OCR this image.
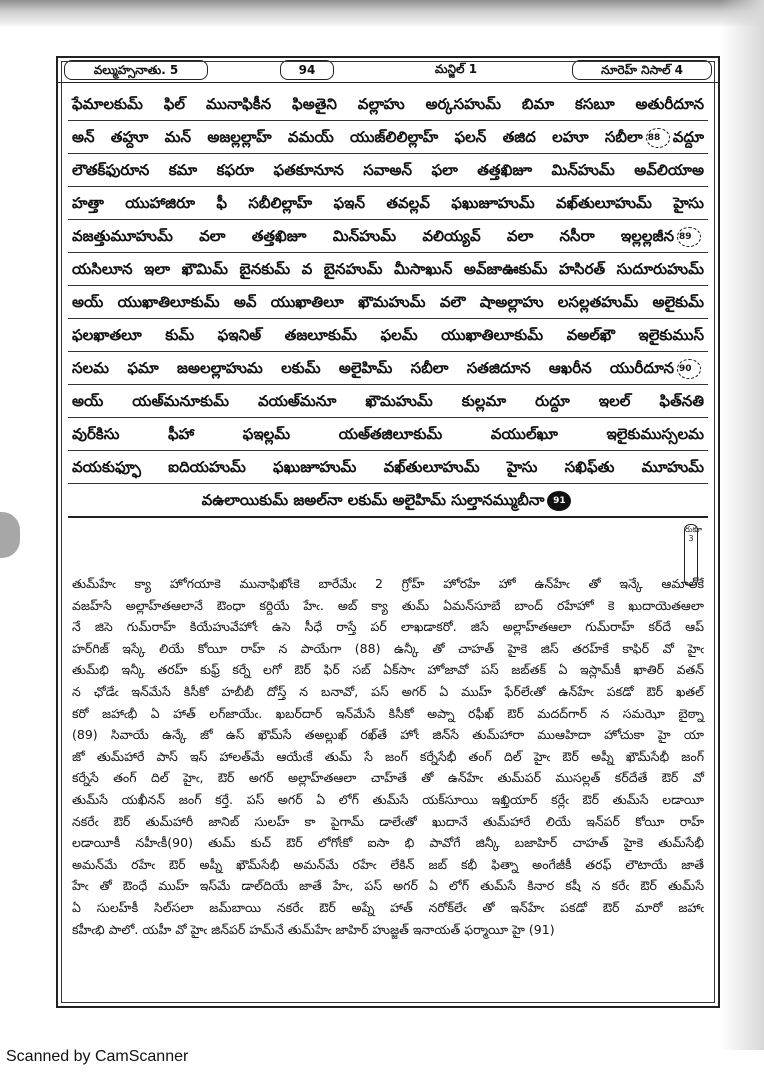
వల్ముహ్సనాతు. 5	94	మన్జిల్ 1	నూరెహ్ నిసాల్ 4
ఫేమాలకుమ్ ఫిల్ మునాఫికీన ఫిఅతైని వల్లాహు అర్కసహుమ్ బిమా కసబూ అతురీదూన
అన్ తహ్దూ మన్ అజల్లల్లాహ్ వమయ్‌‌ యుజ్‌లిలిల్లాహ్ ఫలన్ తజిద లహూ సబీలా 88 వద్దూ
లౌతక్‌ఫురూన కమా కఫరూ ఫతకూనూన సవాఅన్ ఫలా తత్తఖిజూ మిన్‌హుమ్ అవ్‌లియాఅ
హత్తా యుహాజిరూ ఫీ సబీలిల్లాహ్ ఫఇన్ తవల్లవ్ ఫఖుజూహుమ్ వఖ్‌తులూహుమ్ హైసు
వజత్తుమూహుమ్ వలా తత్తఖిజూ మిన్‌హుమ్ వలియ్యవ్‌ వలా నసీరా ఇల్లల్లజీన 89
యసిలూన ఇలా ఖౌమిమ్ బైనకుమ్ వ బైనహుమ్ మీసాఖున్ అవ్‌జాఊకుమ్ హసిరత్ సుదూరుహుమ్
అయ్‌ యుఖాతిలూకుమ్ అవ్ యుఖాతిలూ ఖౌమహుమ్ వలౌ షాఅల్లాహు లసల్లతహుమ్ అలైకుమ్
ఫలఖాతలూ కుమ్ ఫఇనిఅ్ తజలూకుమ్ ఫలమ్ యుఖాతిలూకుమ్ వఅల్‌ఖౌ ఇలైకుముస్
సలమ ఫమా జఅలల్లాహుమ లకుమ్ అలైహిమ్ సబీలా సతజిదూన ఆఖరీన యురీదూన 90
అయ్‌ యఅ్‌మనూకుమ్ వయఅ్‌మనూ ఖౌమహుమ్ కుల్లమా రుద్దూ ఇలల్ ఫిత్‌నతి
వుర్‌కిసు ఫీహా ఫఇల్లమ్ యఅ్‌తజిలూకుమ్ వయుల్‌ఖూ ఇలైకుముస్సలమ
వయకుఫ్ఫూ ఐదియహుమ్ ఫఖుజూహుమ్ వఖ్‌తులూహుమ్ హైసు సఖిఫ్‌తు మూహుమ్
వఉలాయికుమ్ జఅల్‌నా లకుమ్ అలైహిమ్ సుల్తానమ్ముబీనా 91
తుమ్‌హేఁ క్యా హోగయాకె మునాఫిఖోఁకె బారేమేఁ 2 గ్రోహ్ హోరహే హో ఉన్‌హేఁ తో ఇన్కే ఆమాల్‌కే
వజహ్‌సే అల్లాహ్‌తఆలానే ఔంధా కర్దియే హేఁ. అబ్ క్యా తుమ్ ఏమన్‌సూబే బాంద్ రహేహో కె ఖుదాయెతఆలా
నే జిసె గుమ్‌రాహ్ కియేహువేహోఁ ఉసె సీధే రాస్తే పర్ లాఖడాకరో. జిసే అల్లాహ్‌తఆలా గుమ్‌రాహ్ కర్‌దే ఆప్
హర్‌గిజ్ ఇస్కే లియే కోయీ రాహ్ న పాయేగా (88) ఉన్కీ తో చాహత్ హైకె జిస్ తరహ్‌కే కాఫిర్ వో హైఁ
తుమ్‌భి ఇన్కీ తరహ్ కుఫ్ర్ కర్నే లగో ఔర్ ఫిర్ సబ్ ఏక్‌సాఁ హోజావో పస్ జబ్‌తక్ ఏ ఇస్లామ్‌కీ ఖాతిర్ వతన్
న ఛోడేఁ ఇన్‌మేసే కిసీకో హబీబీ దోస్త్ న బనావో, పస్ అగర్ ఏ ముహ్ ఫేర్‌లేఁతో ఉన్‌హేఁ పకడో ఔర్ ఖతల్
కరో జహాఁభీ ఏ హాత్ లగ్‌జాయేఁ. ఖబర్‌దార్ ఇన్‌మేసే కిసీకో అప్నా రఫీఖ్ ఔర్ మదద్‌గార్ న సమఝో బైఠ్నా
(89) సివాయే ఉన్కే జో ఉస్ ఖౌమ్‌సే తఅల్లుఖ్ రఖ్‌తే హోఁ జిన్‌సే తుమ్‌హారా ముఆహిదా హోచుకా హై యా
జో తుమ్‌హారే పాస్ ఇస్ హాలత్‌మే ఆయేఁకే తుమ్ సే జంగ్ కర్నేసేభీ తంగ్ దిల్ హైఁ ఔర్ అప్నీ ఖౌమ్‌సేభీ జంగ్
కర్నేసే తంగ్ దిల్ హైఁ, ఔర్ అగర్ అల్లాహ్‌తఆలా చాహ్‌తే తో ఉన్‌హేఁ తుమ్‌పర్ ముసల్లత్ కర్‌దేతే ఔర్ వో
తుమ్‌సే యఖీనన్ జంగ్ కర్తే. పస్ అగర్ ఏ లోగ్ తుమ్‌సే యక్‌సూయి ఇఖ్తియార్ కర్లేఁ ఔర్ తుమ్‌సే లడాయీ
నకరేఁ ఔర్ తుమ్‌హారీ జానిబ్ సులహ్ కా పైగామ్ డాలేఁతో ఖుదానే తుమ్‌హారే లియే ఇన్‌పర్ కోయీ రాహ్
లడాయీకీ నహీఁకీ(90) తుమ్ కుచ్ ఔర్ లోగోఁకో ఐసా భి పావోగే జిన్కీ బజాహిర్ చాహత్ హైకె తుమ్‌సేభీ
అమన్‌మే రహేఁ ఔర్ అప్నీ ఖౌమ్‌సేభీ అమన్‌మే రహేఁ లేకిన్ జబ్ కభీ ఫిత్నా అంగేజీకీ తరఫ్ లౌటాయే జాతే
హేఁ తో ఔంధే ముహ్ ఇస్‌మే డాల్‌దియే జాతే హేఁ, పస్ అగర్ ఏ లోగ్ తుమ్‌సే కినార కషీ న కరేఁ ఔర్ తుమ్‌సే
ఏ సులహ్‌కీ సిల్‌సలా జమ్‌బాయి నకరేఁ ఔర్ అప్నే హాత్ నరోక్‌లేఁ తో ఇన్‌హేఁ పకడో ఔర్ మారో జహాఁ
కహీఁభి పాలో. యహీ వో హైఁ జిన్‌పర్ హమ్‌నే తుమ్‌హేఁ జాహిర్ హుజ్జత్ ఇనాయత్ ఫర్మాయీ హై (91)
రుకూ 3
Scanned by CamScanner
